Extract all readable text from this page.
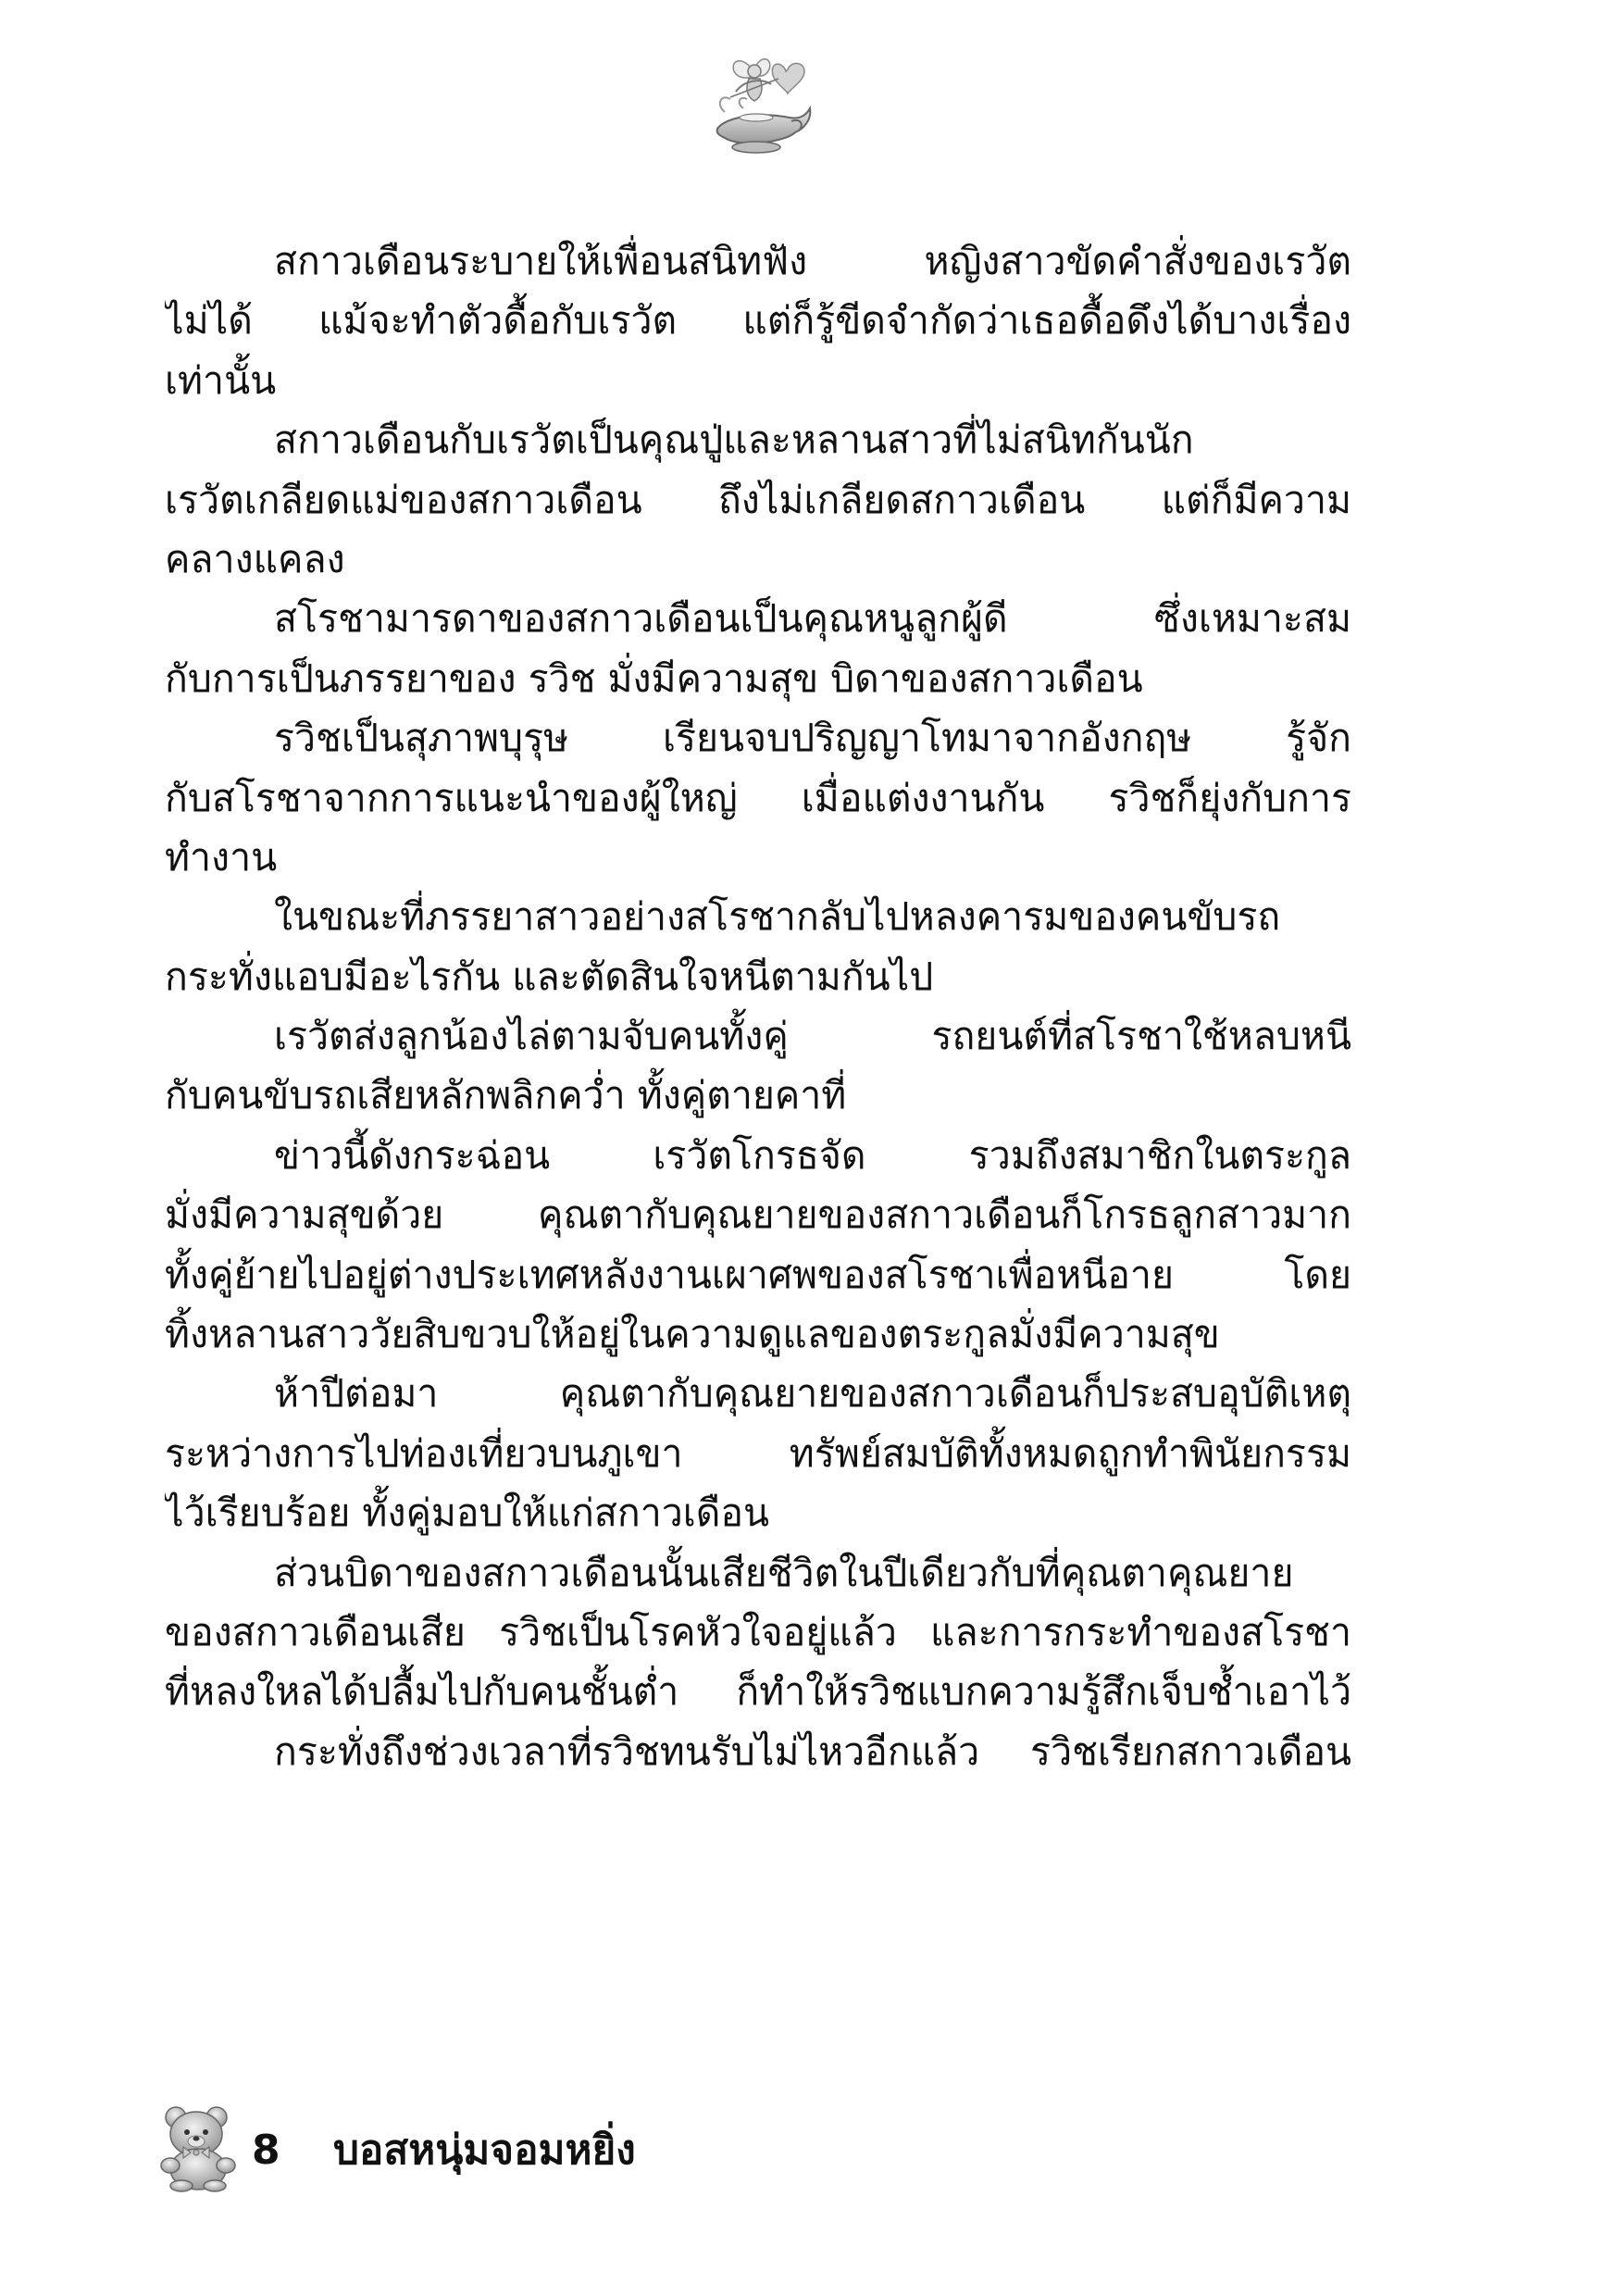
สกาวเดือนระบายให้เพื่อนสนิทฟัง หญิงสาวขัดคำสั่งของเรวัต
ไม่ได้ แม้จะทำตัวดื้อกับเรวัต แต่ก็รู้ขีดจำกัดว่าเธอดื้อดึงได้บางเรื่อง
เท่านั้น
สกาวเดือนกับเรวัตเป็นคุณปู่และหลานสาวที่ไม่สนิทกันนัก
เรวัตเกลียดแม่ของสกาวเดือน ถึงไม่เกลียดสกาวเดือน แต่ก็มีความ
คลางแคลง
สโรชามารดาของสกาวเดือนเป็นคุณหนูลูกผู้ดี ซึ่งเหมาะสม
กับการเป็นภรรยาของ รวิช มั่งมีความสุข บิดาของสกาวเดือน
รวิชเป็นสุภาพบุรุษ เรียนจบปริญญาโทมาจากอังกฤษ รู้จัก
กับสโรชาจากการแนะนำของผู้ใหญ่ เมื่อแต่งงานกัน รวิชก็ยุ่งกับการ
ทำงาน
ในขณะที่ภรรยาสาวอย่างสโรชากลับไปหลงคารมของคนขับรถ
กระทั่งแอบมีอะไรกัน และตัดสินใจหนีตามกันไป
เรวัตส่งลูกน้องไล่ตามจับคนทั้งคู่ รถยนต์ที่สโรชาใช้หลบหนี
กับคนขับรถเสียหลักพลิกคว่ำ ทั้งคู่ตายคาที่
ข่าวนี้ดังกระฉ่อน เรวัตโกรธจัด รวมถึงสมาชิกในตระกูล
มั่งมีความสุขด้วย คุณตากับคุณยายของสกาวเดือนก็โกรธลูกสาวมาก
ทั้งคู่ย้ายไปอยู่ต่างประเทศหลังงานเผาศพของสโรชาเพื่อหนีอาย โดย
ทิ้งหลานสาววัยสิบขวบให้อยู่ในความดูแลของตระกูลมั่งมีความสุข
ห้าปีต่อมา คุณตากับคุณยายของสกาวเดือนก็ประสบอุบัติเหตุ
ระหว่างการไปท่องเที่ยวบนภูเขา ทรัพย์สมบัติทั้งหมดถูกทำพินัยกรรม
ไว้เรียบร้อย ทั้งคู่มอบให้แก่สกาวเดือน
ส่วนบิดาของสกาวเดือนนั้นเสียชีวิตในปีเดียวกับที่คุณตาคุณยาย
ของสกาวเดือนเสีย รวิชเป็นโรคหัวใจอยู่แล้ว และการกระทำของสโรชา
ที่หลงใหลได้ปลื้มไปกับคนชั้นต่ำ ก็ทำให้รวิชแบกความรู้สึกเจ็บช้ำเอาไว้
กระทั่งถึงช่วงเวลาที่รวิชทนรับไม่ไหวอีกแล้ว รวิชเรียกสกาวเดือน
8 บอสหนุ่มจอมหยิ่ง
